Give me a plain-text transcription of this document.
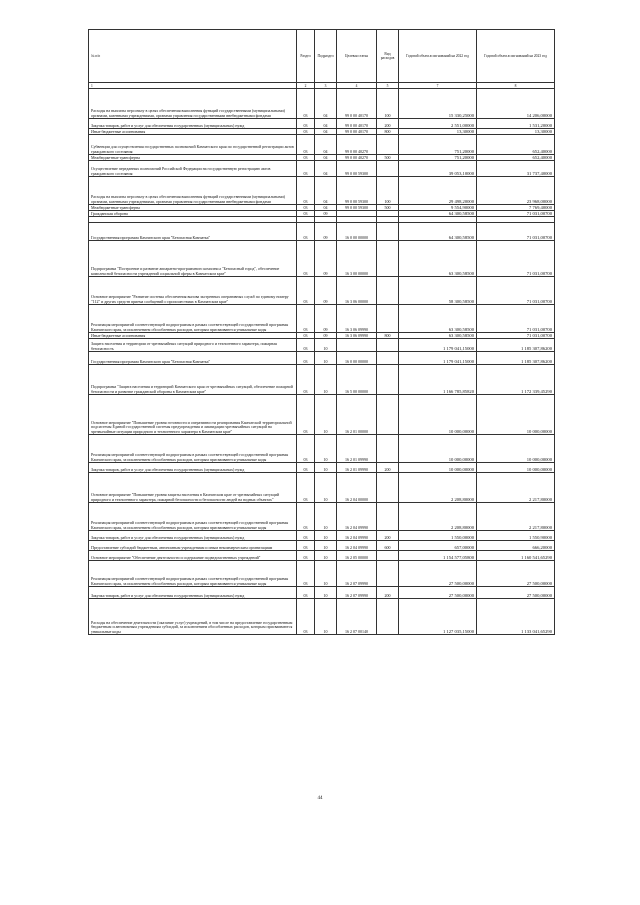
№ п/п	Раздел	Подраздел	Целевая статья	Вид расходов	Годовой объем ассигнований на 2022 год	Годовой объем ассигнований на 2023 год
1	2	3	4	5	7	8
Расходы на выплаты персоналу в целях обеспечения выполнения функций государственными (муниципальными) органами, казенными учреждениями, органами управления государственными внебюджетными фондами	03	04	99 0 00 40170	100	15 330,25000	14 206,00000
Закупка товаров, работ и услуг для обеспечения государственных (муниципальных) нужд	03	04	99 0 00 40170	200	2 551,00000	1 531,20000
Иные бюджетные ассигнования	03	04	99 0 00 40170	800	13,30000	13,30000
Субвенции для осуществления государственных полномочий Камчатского края по государственной регистрации актов гражданского состояния	03	04	99 0 00 40270		751,20000	652,40000
Межбюджетные трансферты	03	04	99 0 00 40270	500	751,20000	652,40000
Осуществление переданных полномочий Российской Федерации на государственную регистрацию актов гражданского состояния	03	04	99 0 00 59300		39 053,10000	31 737,40000
Расходы на выплаты персоналу в целях обеспечения выполнения функций государственными (муниципальными) органами, казенными учреждениями, органами управления государственными внебюджетными фондами	03	04	99 0 00 59300	100	29 498,20000	23 968,00000
Межбюджетные трансферты	03	04	99 0 00 59300	500	9 554,90000	7 769,40000
Гражданская оборона	03	09			64 300,58500	71 031,00700

Государственная программа Камчатского края "Безопасная Камчатка"	03	09	16 0 00 00000		64 300,58500	71 031,00700
Подпрограмма "Построение и развитие аппаратно-программного комплекса "Безопасный город", обеспечение комплексной безопасности учреждений социальной сферы в Камчатском крае"	03	09	16 3 00 00000		63 300,58500	71 031,00700
Основное мероприятие "Развитие системы обеспечения вызова экстренных оперативных служб по единому номеру "112" и других средств приема сообщений о происшествиях в Камчатском крае"	03	09	16 3 06 00000		58 300,58500	71 031,00700
Реализация мероприятий соответствующей подпрограммы в рамках соответствующей государственной программы Камчатского края, за исключением обособленных расходов, которым присваиваются уникальные коды	03	09	16 3 06 09990		63 300,58500	71 031,00700
Иные бюджетные ассигнования	03	09	16 3 06 09990	800	63 300,58500	71 031,00700
Защита населения и территории от чрезвычайных ситуаций природного и техногенного характера, пожарная безопасность	03	10			1 179 041,15000	1 185 307,86200
Государственная программа Камчатского края "Безопасная Камчатка"	03	10	16 0 00 00000		1 179 041,15000	1 185 307,86200
Подпрограмма "Защита населения и территорий Камчатского края от чрезвычайных ситуаций, обеспечение пожарной безопасности и развитие гражданской обороны в Камчатском крае"	03	10	16 5 00 00000		1 166 785,85820	1 172 339,45290
Основное мероприятие "Повышение уровня готовности и оперативности реагирования Камчатской территориальной подсистемы Единой государственной системы предупреждения и ликвидации чрезвычайных ситуаций на чрезвычайные ситуации природного и техногенного характера в Камчатском крае"	03	10	16 2 01 00000		10 000,00000	10 000,00000
Реализация мероприятий соответствующей подпрограммы в рамках соответствующей государственной программы Камчатского края, за исключением обособленных расходов, которым присваиваются уникальные коды	03	10	16 2 01 09990		10 000,00000	10 000,00000
Закупка товаров, работ и услуг для обеспечения государственных (муниципальных) нужд	03	10	16 2 01 09990	200	10 000,00000	10 000,00000
Основное мероприятие "Повышение уровня защиты населения в Камчатском крае от чрезвычайных ситуаций природного и техногенного характера, пожарной безопасности и безопасности людей на водных объектах"	03	10	16 2 04 00000		2 208,80000	2 217,80000
Реализация мероприятий соответствующей подпрограммы в рамках соответствующей государственной программы Камчатского края, за исключением обособленных расходов, которым присваиваются уникальные коды	03	10	16 2 04 09990		2 208,80000	2 217,80000
Закупка товаров, работ и услуг для обеспечения государственных (муниципальных) нужд	03	10	16 2 04 09990	200	1 550,00000	1 550,90000
Предоставление субсидий бюджетным, автономным учреждениям и иным некоммерческим организациям	03	10	16 2 04 09990	600	657,00000	666,20000
Основное мероприятие "Обеспечение деятельности и содержание подведомственных учреждений"	03	10	16 2 05 00000		1 154 577,05800	1 160 541,65290
Реализация мероприятий соответствующей подпрограммы в рамках соответствующей государственной программы Камчатского края, за исключением обособленных расходов, которым присваиваются уникальные коды	03	10	16 2 07 09990		27 500,00000	27 500,00000
Закупка товаров, работ и услуг для обеспечения государственных (муниципальных) нужд	03	10	16 2 07 09990	200	27 500,00000	27 500,00000
Расходы на обеспечение деятельности (оказание услуг) учреждений, в том числе на предоставление государственным бюджетным и автономным учреждениям субсидий, за исключением обособленных расходов, которым присваиваются уникальные коды	03	10	16 2 07 00140		1 127 035,15000	1 133 041,65290
44
